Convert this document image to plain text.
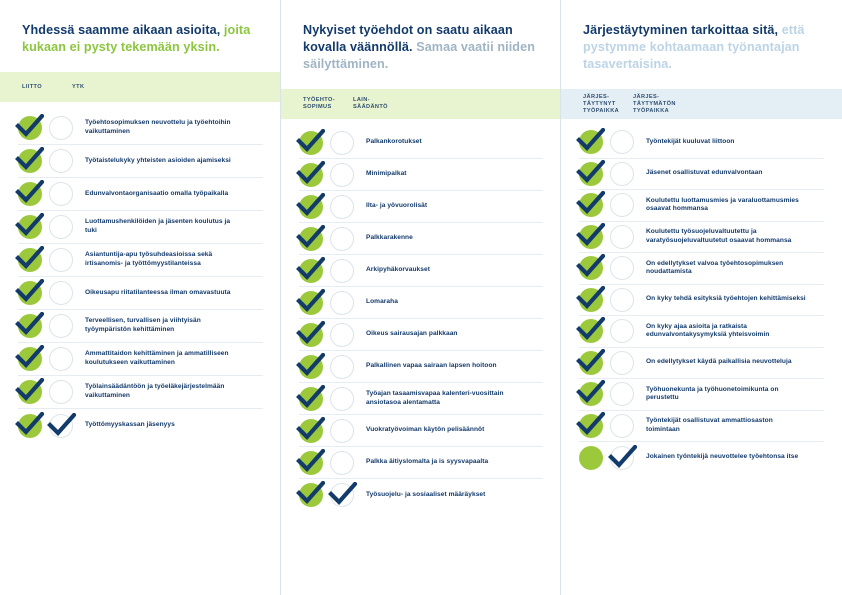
Yhdessä saamme aikaan asioita, joita kukaan ei pysty tekemään yksin.
LIITTO	YTK
Työehtosopimuksen neuvottelu ja työehtoihin vaikuttaminen
Työtaistelukyky yhteisten asioiden ajamiseksi
Edunvalvontaorganisaatio omalla työpaikalla
Luottamushenkilöiden ja jäsenten koulutus ja tuki
Asiantuntija-apu työsuhdeasioissa sekä irtisanomis- ja työttömyystilanteissa
Oikeusapu riitatilanteessa ilman omavastuuta
Terveellisen, turvallisen ja viihtyisän työympäristön kehittäminen
Ammattitaidon kehittäminen ja ammatilliseen koulutukseen vaikuttaminen
Työlainsäädäntöön ja työeläkejärjestelmään vaikuttaminen
Työttömyyskassan jäsenyys
Nykyiset työehdot on saatu aikaan kovalla väännöllä. Samaa vaatii niiden säilyttäminen.
TYÖEHTO-
SOPIMUS
LAIN-
SÄÄDÄNTÖ
Palkankorotukset
Minimipalkat
Ilta- ja yövuorolisät
Palkkarakenne
Arkipyhäkorvaukset
Lomaraha
Oikeus sairausajan palkkaan
Palkallinen vapaa sairaan lapsen hoitoon
Työajan tasaamisvapaa kalenteri-vuosittain ansiotasoa alentamatta
Vuokratyövoiman käytön pelisäännöt
Palkka äitiyslomalta ja is syysvapaalta
Työsuojelu- ja sosiaaliset määräykset
Järjestäytyminen tarkoittaa sitä, että pystymme kohtaamaan työnantajan tasavertaisina.
JÄRJES-
TÄYTYNYT TYÖPAIKKA
JÄRJES-
TÄYTYMÄTÖN TYÖPAIKKA
Työntekijät kuuluvat liittoon
Jäsenet osallistuvat edunvalvontaan
Koulutettu luottamusmies ja varaluottamusmies osaavat hommansa
Koulutettu työsuojeluvaltuutettu ja varatyösuojeluvaltuutetut osaavat hommansa
On edellytykset valvoa työehtosopimuksen noudattamista
On kyky tehdä esityksiä työehtojen kehittämiseksi
On kyky ajaa asioita ja ratkaista edunvalvontakysymyksiä yhteisvoimin
On edellytykset käydä paikallisia neuvotteluja
Työhuonekunta ja työhuonetoimikunta on perustettu
Työntekijät osallistuvat ammattiosaston toimintaan
Jokainen työntekijä neuvottelee työehtonsa itse
